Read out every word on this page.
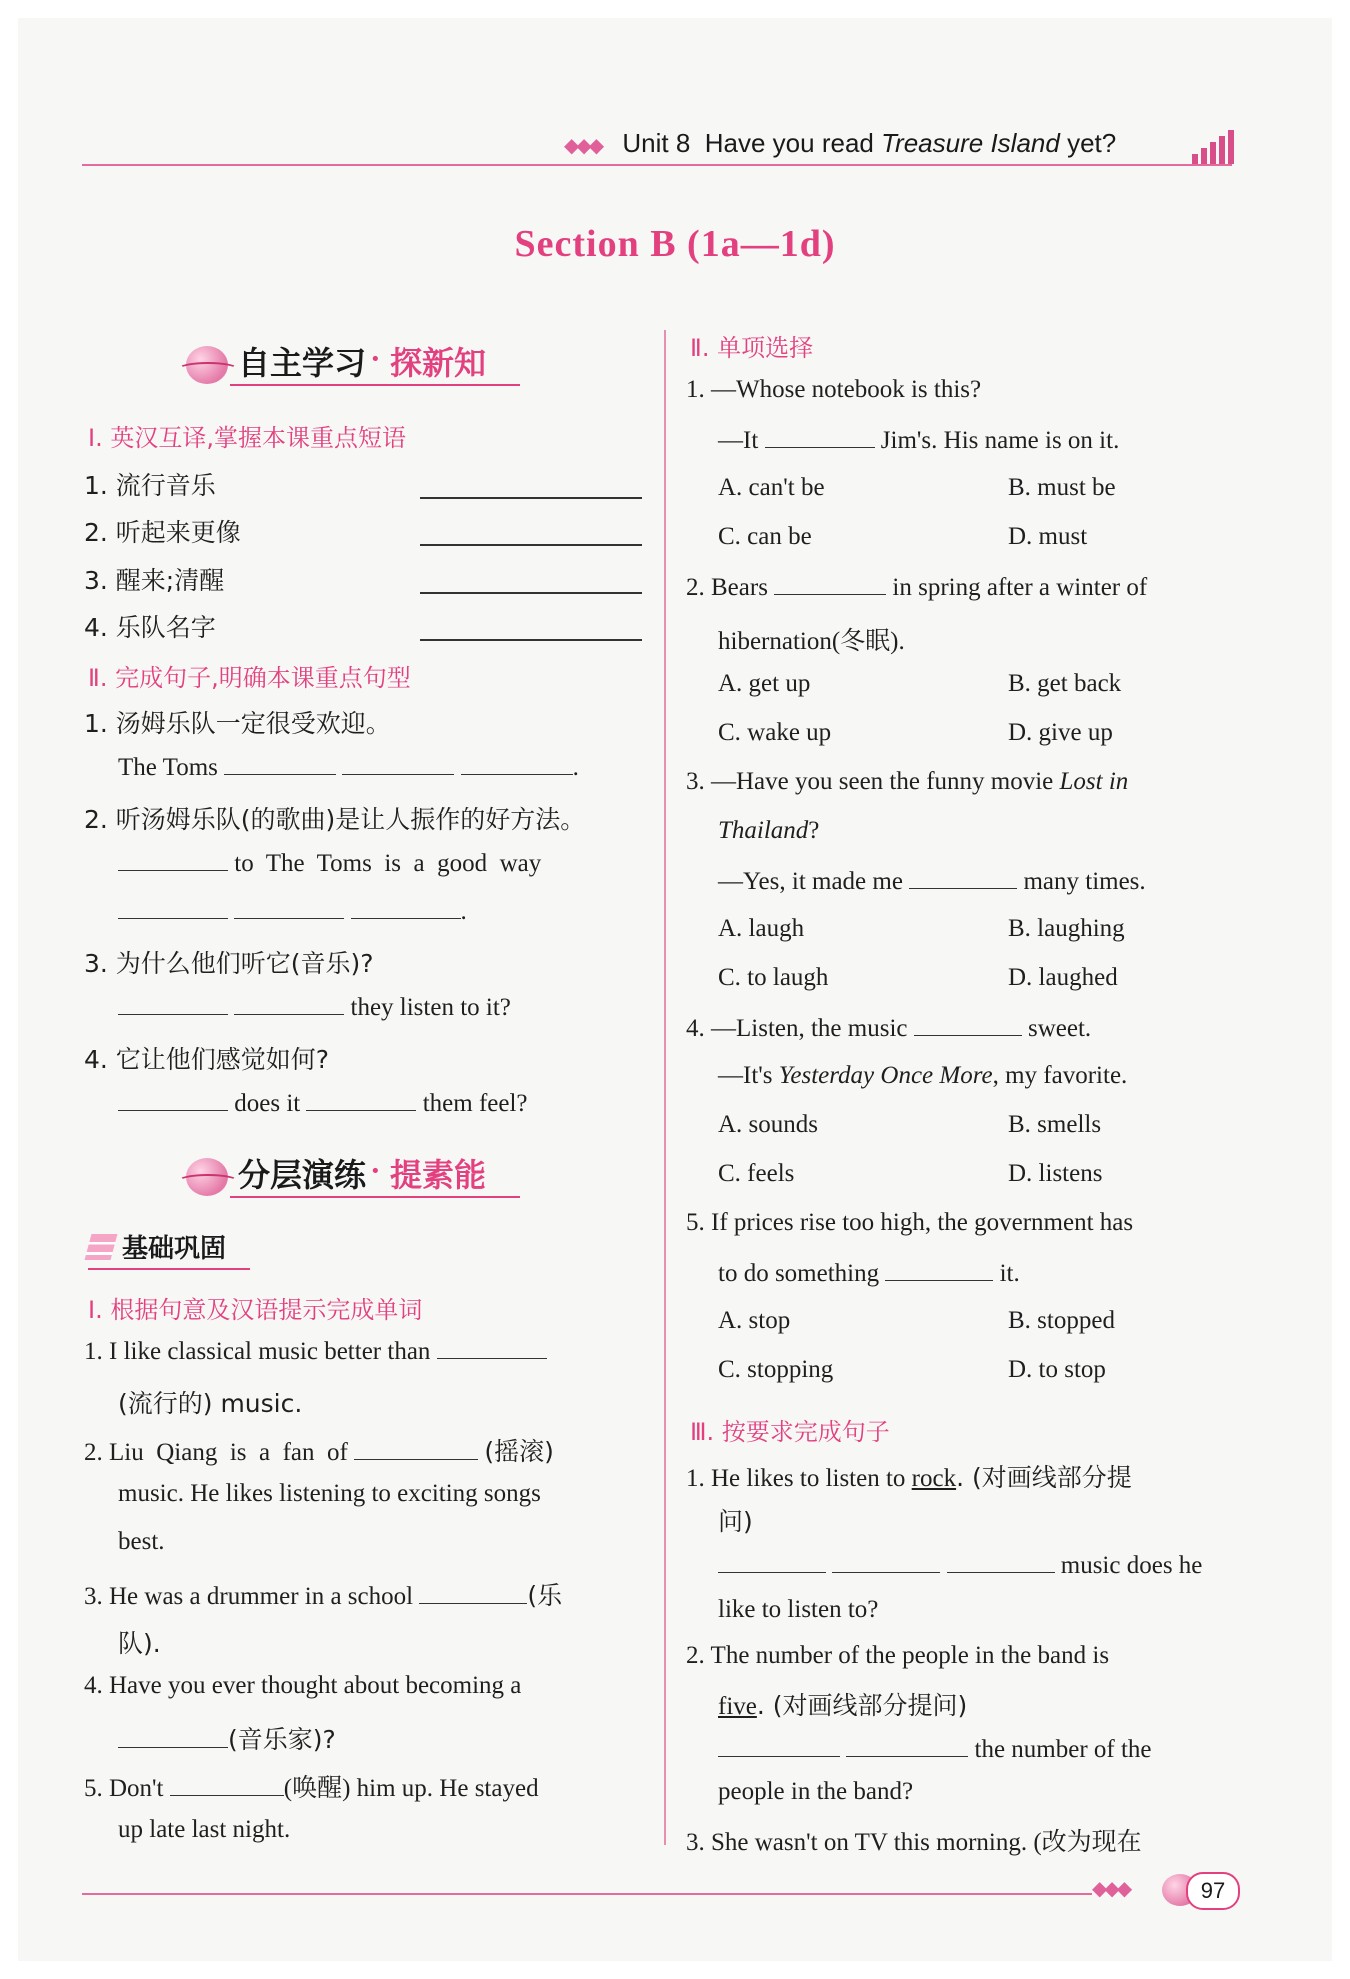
◆◆◆ Unit 8 Have you read Treasure Island yet?
Section B (1a—1d)
自主学习 · 探新知
Ⅰ. 英汉互译,掌握本课重点短语
1. 流行音乐
2. 听起来更像
3. 醒来;清醒
4. 乐队名字
Ⅱ. 完成句子,明确本课重点句型
1. 汤姆乐队一定很受欢迎。
The Toms	.
2. 听汤姆乐队(的歌曲)是让人振作的好方法。
to  The  Toms  is  a  good  way
.
3. 为什么他们听它(音乐)?
they listen to it?
4. 它让他们感觉如何?
does it	them feel?
分层演练 · 提素能
基础巩固
Ⅰ. 根据句意及汉语提示完成单词
1. I like classical music better than
(流行的) music.
2. Liu  Qiang  is  a  fan  of	(摇滚)
music. He likes listening to exciting songs
best.
3. He was a drummer in a school	(乐
队).
4. Have you ever thought about becoming a
(音乐家)?
5. Don't	(唤醒) him up. He stayed
up late last night.
Ⅱ. 单项选择
1. —Whose notebook is this?
—It	Jim's. His name is on it.
A. can't be	B. must be
C. can be	D. must
2. Bears	in spring after a winter of
hibernation(冬眠).
A. get up	B. get back
C. wake up	D. give up
3. —Have you seen the funny movie Lost in
Thailand?
—Yes, it made me	many times.
A. laugh	B. laughing
C. to laugh	D. laughed
4. —Listen, the music	sweet.
—It's Yesterday Once More, my favorite.
A. sounds	B. smells
C. feels	D. listens
5. If prices rise too high, the government has
to do something	it.
A. stop	B. stopped
C. stopping	D. to stop
Ⅲ. 按要求完成句子
1. He likes to listen to rock. (对画线部分提
问)
music does he
like to listen to?
2. The number of the people in the band is
five. (对画线部分提问)
the number of the
people in the band?
3. She wasn't on TV this morning. (改为现在
◆◆◆	97
